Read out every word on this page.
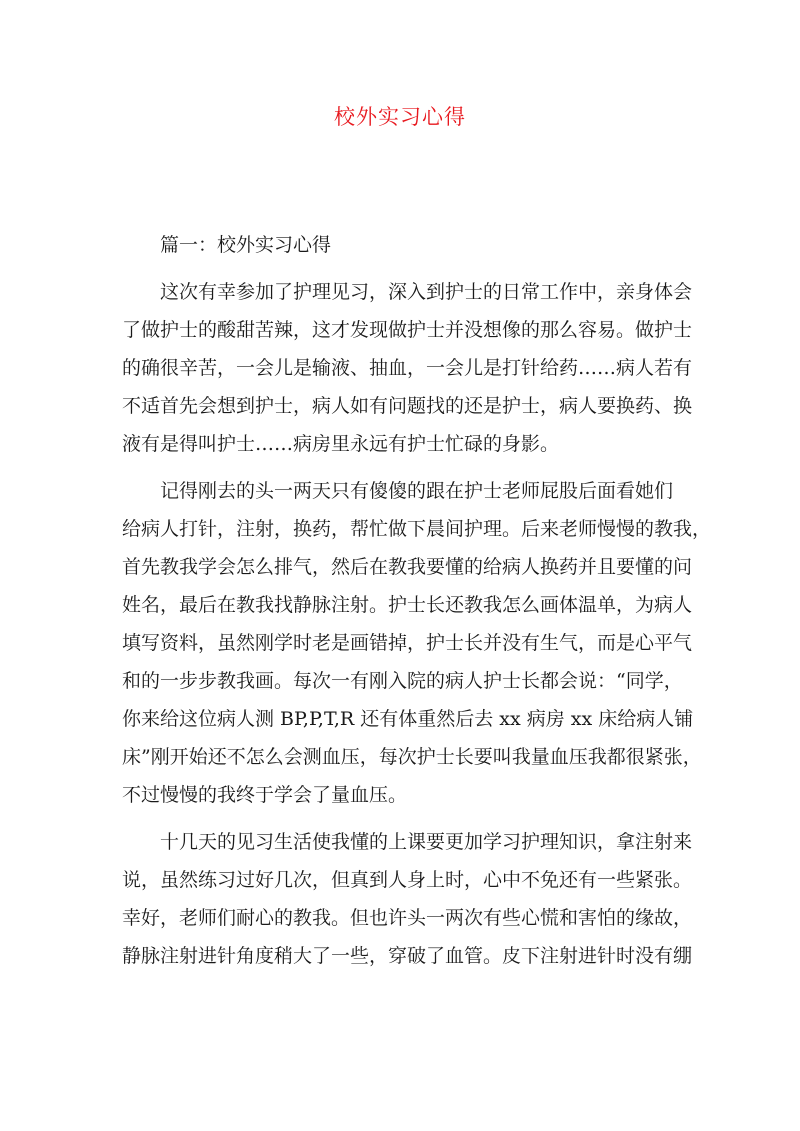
校外实习心得
篇一：校外实习心得

这次有幸参加了护理见习，深入到护士的日常工作中，亲身体会
了做护士的酸甜苦辣，这才发现做护士并没想像的那么容易。做护士
的确很辛苦，一会儿是输液、抽血，一会儿是打针给药……病人若有
不适首先会想到护士，病人如有问题找的还是护士，病人要换药、换
液有是得叫护士……病房里永远有护士忙碌的身影。

记得刚去的头一两天只有傻傻的跟在护士老师屁股后面看她们
给病人打针，注射，换药，帮忙做下晨间护理。后来老师慢慢的教我，
首先教我学会怎么排气，然后在教我要懂的给病人换药并且要懂的问
姓名，最后在教我找静脉注射。护士长还教我怎么画体温单，为病人
填写资料，虽然刚学时老是画错掉，护士长并没有生气，而是心平气
和的一步步教我画。每次一有刚入院的病人护士长都会说：“同学，
你来给这位病人测 BP,P,T,R 还有体重然后去 xx 病房 xx 床给病人铺
床”刚开始还不怎么会测血压，每次护士长要叫我量血压我都很紧张，
不过慢慢的我终于学会了量血压。

十几天的见习生活使我懂的上课要更加学习护理知识，拿注射来
说，虽然练习过好几次，但真到人身上时，心中不免还有一些紧张。
幸好，老师们耐心的教我。但也许头一两次有些心慌和害怕的缘故，
静脉注射进针角度稍大了一些，穿破了血管。皮下注射进针时没有绷
